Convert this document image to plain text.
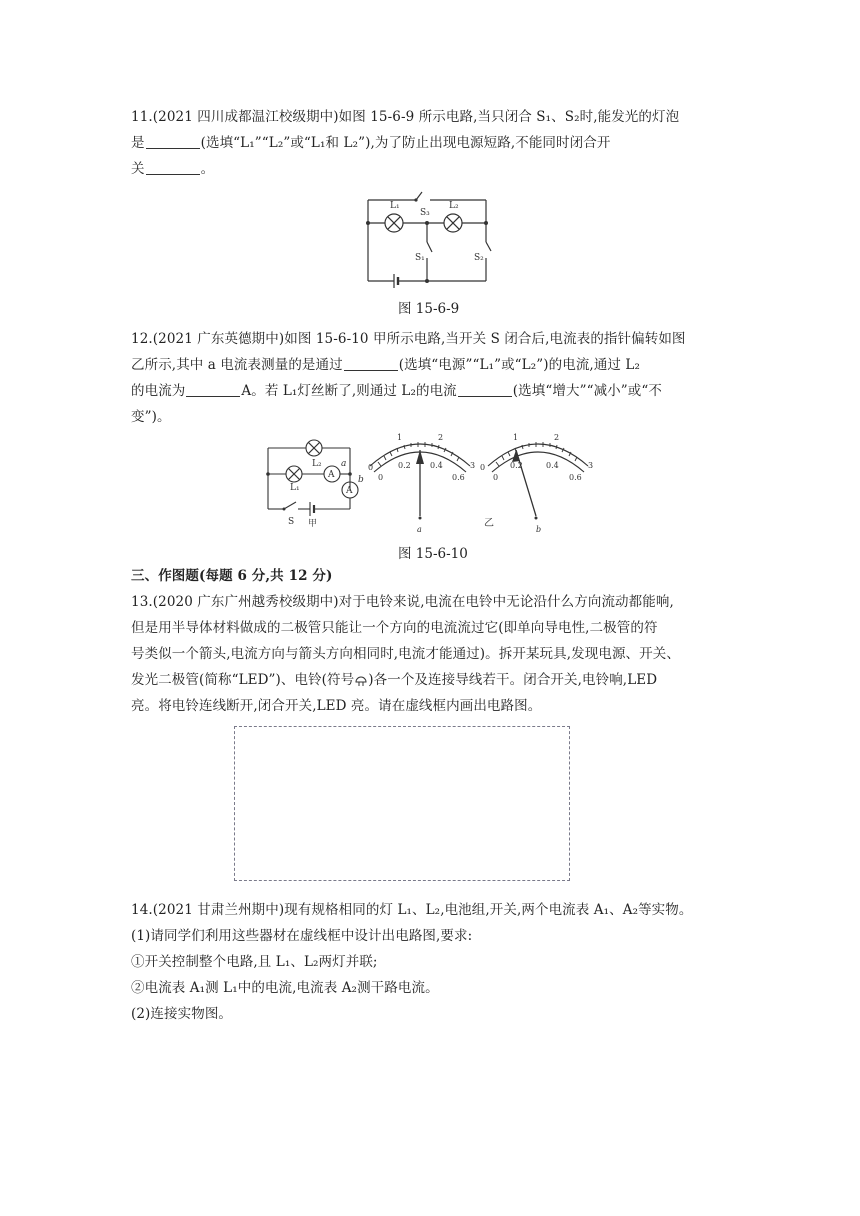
11.(2021 四川成都温江校级期中)如图 15-6-9 所示电路,当只闭合 S₁、S₂时,能发光的灯泡
是	(选填“L₁”“L₂”或“L₁和 L₂”),为了防止出现电源短路,不能同时闭合开
关	。
L₁	L₂
S₃
S₁	S₂
图 15-6-9
12.(2021 广东英德期中)如图 15-6-10 甲所示电路,当开关 S 闭合后,电流表的指针偏转如图
乙所示,其中 a 电流表测量的是通过	(选填“电源”“L₁”或“L₂”)的电流,通过 L₂
的电流为	A。若 L₁灯丝断了,则通过 L₂的电流	(选填“增大”“减小”或“不
变”)。
A
A
L₂
L₁
a
b
S 甲
0
1	2
3
0
0.2 0.4
0.6
a
0
1	2
3
0
0.2	0.4
0.6
b
乙
图 15-6-10
三、作图题(每题 6 分,共 12 分)
13.(2020 广东广州越秀校级期中)对于电铃来说,电流在电铃中无论沿什么方向流动都能响,
但是用半导体材料做成的二极管只能让一个方向的电流流过它(即单向导电性,二极管的符
号类似一个箭头,电流方向与箭头方向相同时,电流才能通过)。拆开某玩具,发现电源、开关、
发光二极管(简称“LED”)、电铃(符号 )各一个及连接导线若干。闭合开关,电铃响,LED
亮。将电铃连线断开,闭合开关,LED 亮。请在虚线框内画出电路图。
14.(2021 甘肃兰州期中)现有规格相同的灯 L₁、L₂,电池组,开关,两个电流表 A₁、A₂等实物。
(1)请同学们利用这些器材在虚线框中设计出电路图,要求:
①开关控制整个电路,且 L₁、L₂两灯并联;
②电流表 A₁测 L₁中的电流,电流表 A₂测干路电流。
(2)连接实物图。
